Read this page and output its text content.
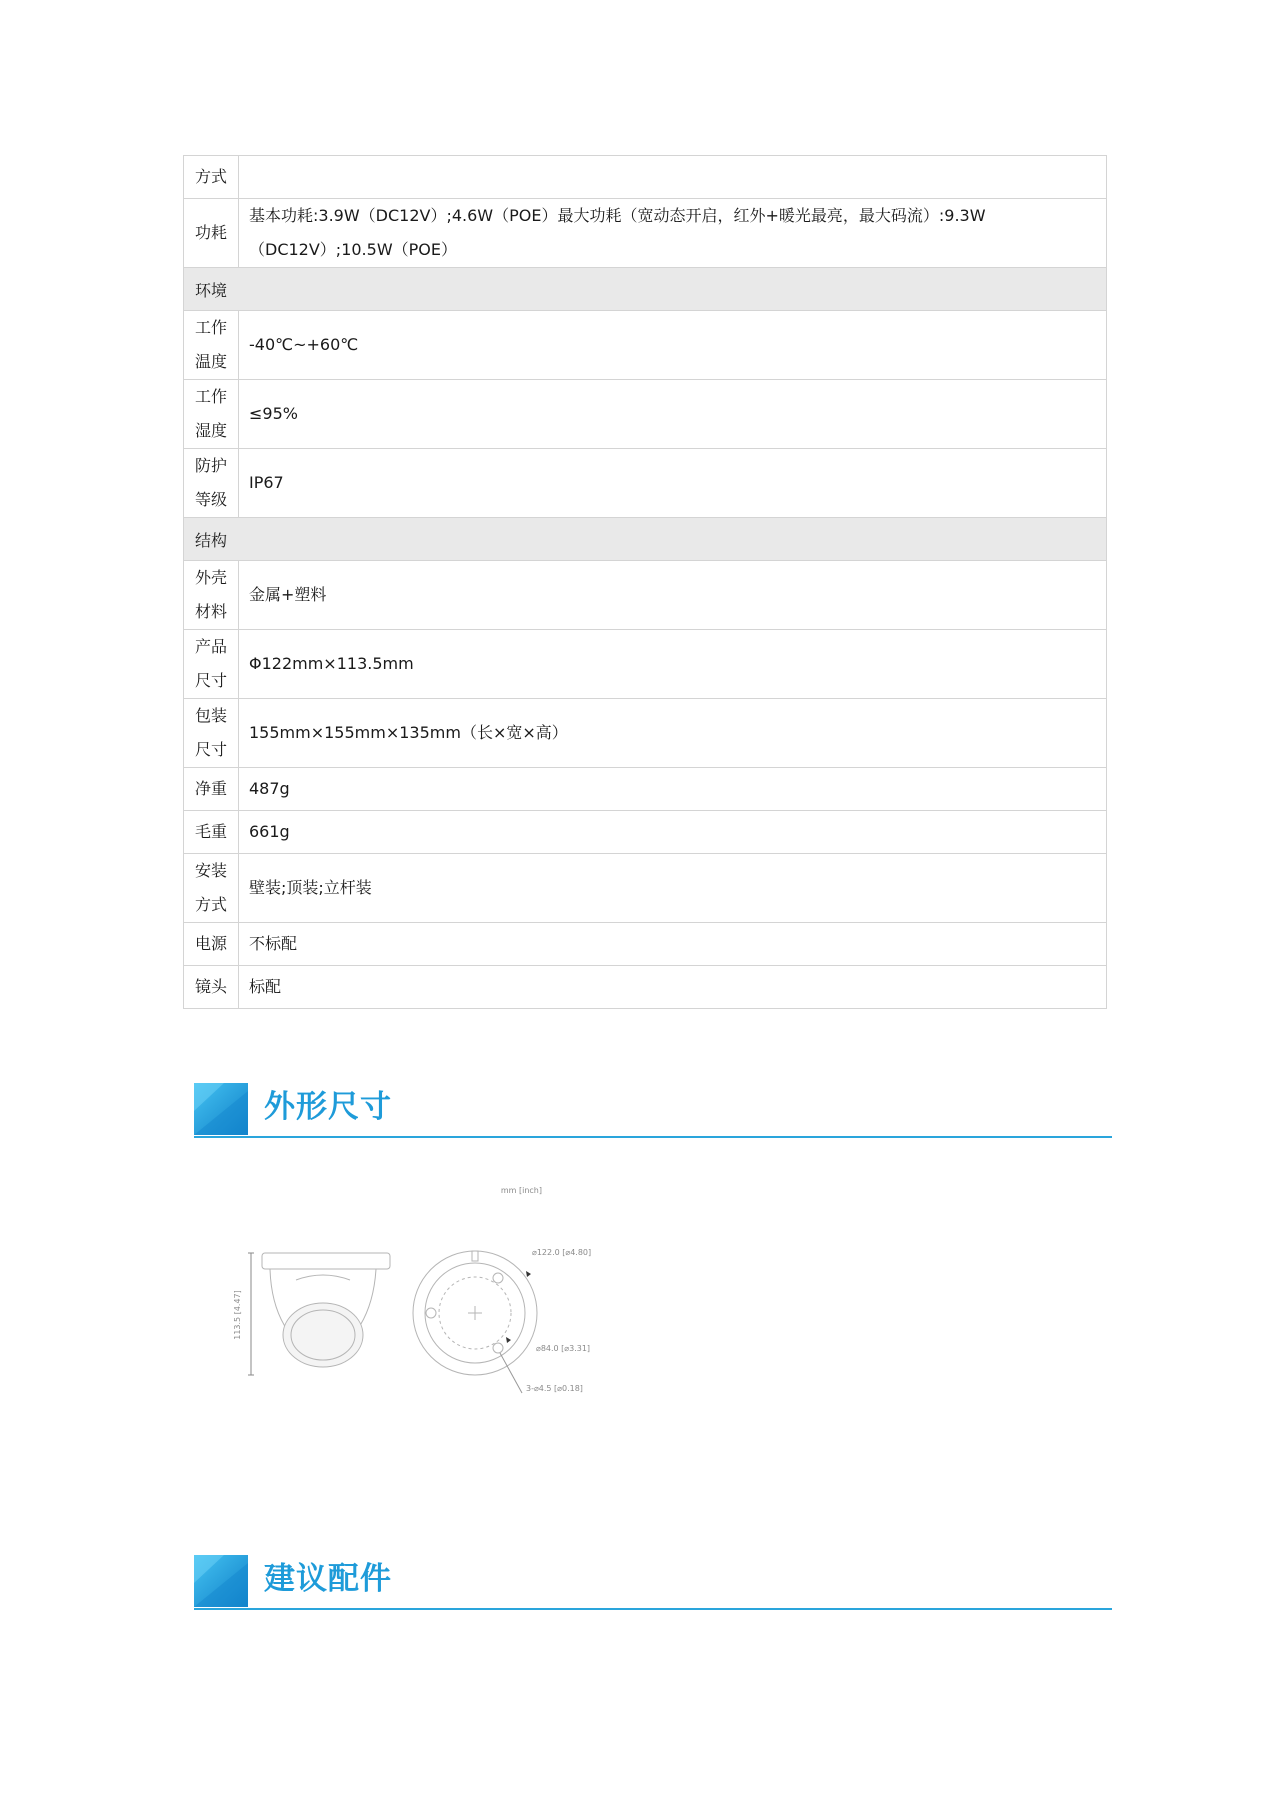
方式	
功耗	基本功耗:3.9W（DC12V）;4.6W（POE）最大功耗（宽动态开启，红外+暖光最亮，最大码流）:9.3W（DC12V）;10.5W（POE）
环境	
工作温度	-40℃~+60℃
工作湿度	≤95%
防护等级	IP67
结构	
外壳材料	金属+塑料
产品尺寸	Φ122mm×113.5mm
包装尺寸	155mm×155mm×135mm（长×宽×高）
净重	487g
毛重	661g
安装方式	壁装;顶装;立杆装
电源	不标配
镜头	标配
外形尺寸
mm [inch]
113.5 [4.47]
⌀122.0 [⌀4.80]
⌀84.0 [⌀3.31]
3-⌀4.5 [⌀0.18]
建议配件
